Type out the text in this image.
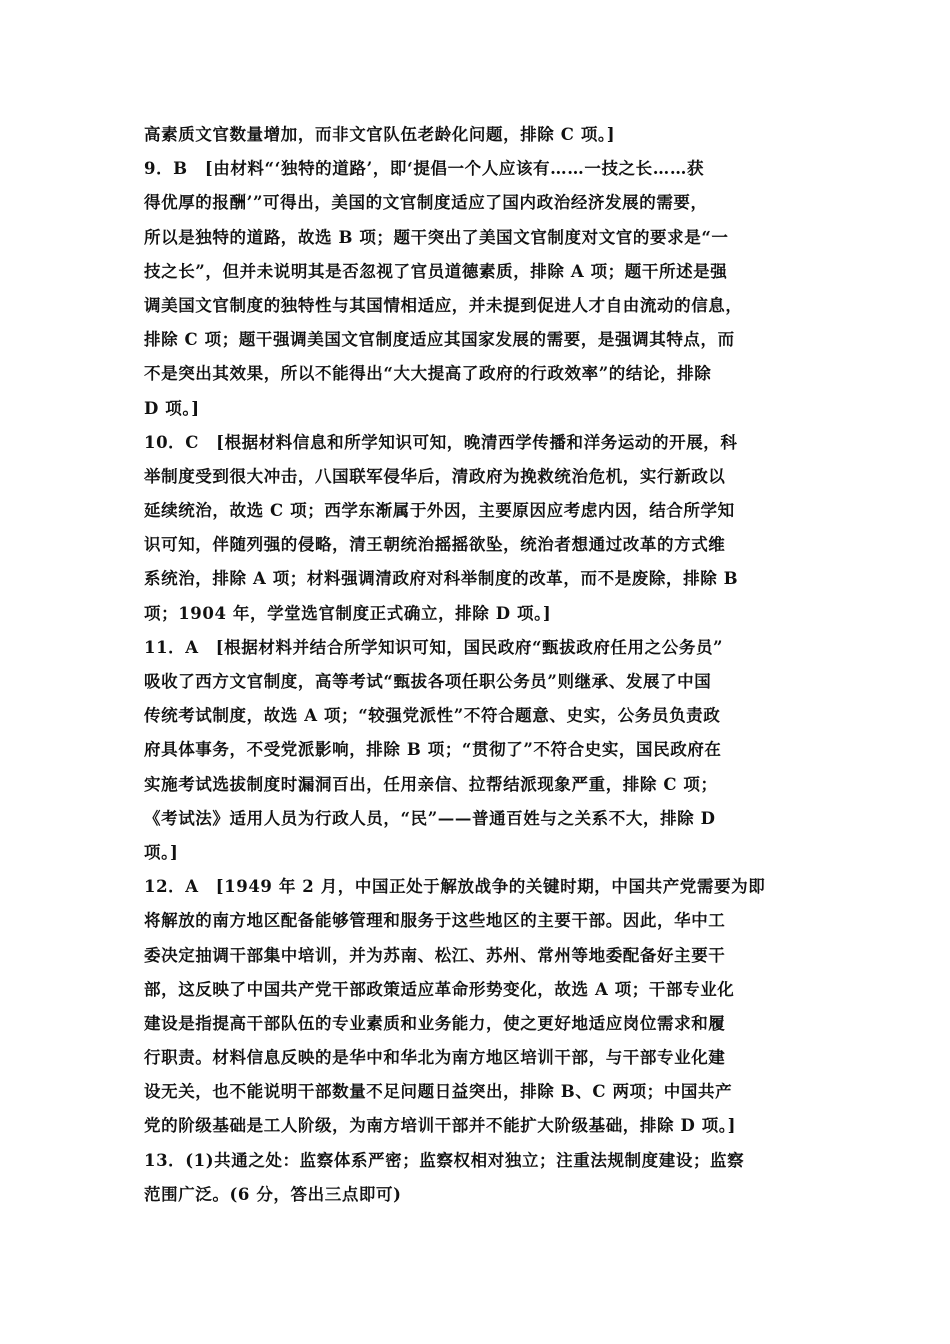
高素质文官数量增加，而非文官队伍老龄化问题，排除 C 项。]
9．B　[由材料“‘独特的道路’，即‘提倡一个人应该有……一技之长……获
得优厚的报酬’”可得出，美国的文官制度适应了国内政治经济发展的需要，
所以是独特的道路，故选 B 项；题干突出了美国文官制度对文官的要求是“一
技之长”，但并未说明其是否忽视了官员道德素质，排除 A 项；题干所述是强
调美国文官制度的独特性与其国情相适应，并未提到促进人才自由流动的信息，
排除 C 项；题干强调美国文官制度适应其国家发展的需要，是强调其特点，而
不是突出其效果，所以不能得出“大大提高了政府的行政效率”的结论，排除
D 项。]
10．C　[根据材料信息和所学知识可知，晚清西学传播和洋务运动的开展，科
举制度受到很大冲击，八国联军侵华后，清政府为挽救统治危机，实行新政以
延续统治，故选 C 项；西学东渐属于外因，主要原因应考虑内因，结合所学知
识可知，伴随列强的侵略，清王朝统治摇摇欲坠，统治者想通过改革的方式维
系统治，排除 A 项；材料强调清政府对科举制度的改革，而不是废除，排除 B
项；1904 年，学堂选官制度正式确立，排除 D 项。]
11．A　[根据材料并结合所学知识可知，国民政府“甄拔政府任用之公务员”
吸收了西方文官制度，高等考试“甄拔各项任职公务员”则继承、发展了中国
传统考试制度，故选 A 项；“较强党派性”不符合题意、史实，公务员负责政
府具体事务，不受党派影响，排除 B 项；“贯彻了”不符合史实，国民政府在
实施考试选拔制度时漏洞百出，任用亲信、拉帮结派现象严重，排除 C 项；
《考试法》适用人员为行政人员，“民”——普通百姓与之关系不大，排除 D
项。]
12．A　[1949 年 2 月，中国正处于解放战争的关键时期，中国共产党需要为即
将解放的南方地区配备能够管理和服务于这些地区的主要干部。因此，华中工
委决定抽调干部集中培训，并为苏南、松江、苏州、常州等地委配备好主要干
部，这反映了中国共产党干部政策适应革命形势变化，故选 A 项；干部专业化
建设是指提高干部队伍的专业素质和业务能力，使之更好地适应岗位需求和履
行职责。材料信息反映的是华中和华北为南方地区培训干部，与干部专业化建
设无关，也不能说明干部数量不足问题日益突出，排除 B、C 两项；中国共产
党的阶级基础是工人阶级，为南方培训干部并不能扩大阶级基础，排除 D 项。]
13．(1)共通之处：监察体系严密；监察权相对独立；注重法规制度建设；监察
范围广泛。(6 分，答出三点即可)
